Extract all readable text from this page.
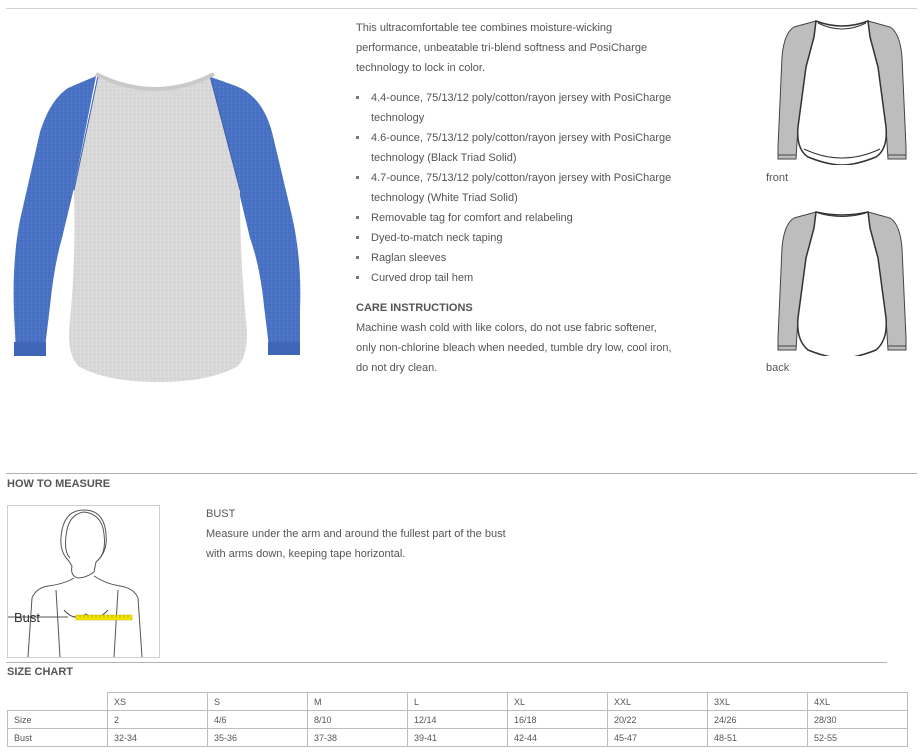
This ultracomfortable tee combines moisture-wicking performance, unbeatable tri-blend softness and PosiCharge technology to lock in color.

4.4-ounce, 75/13/12 poly/cotton/rayon jersey with PosiCharge technology
4.6-ounce, 75/13/12 poly/cotton/rayon jersey with PosiCharge technology (Black Triad Solid)
4.7-ounce, 75/13/12 poly/cotton/rayon jersey with PosiCharge technology (White Triad Solid)
Removable tag for comfort and relabeling
Dyed-to-match neck taping
Raglan sleeves
Curved drop tail hem
CARE INSTRUCTIONS

Machine wash cold with like colors, do not use fabric softener, only non-chlorine bleach when needed, tumble dry low, cool iron, do not dry clean.

front
back
HOW TO MEASURE
Bust

BUST

Measure under the arm and around the fullest part of the bust with arms down, keeping tape horizontal.

SIZE CHART
	XS	S	M	L	XL	XXL	3XL	4XL
Size	2	4/6	8/10	12/14	16/18	20/22	24/26	28/30
Bust	32-34	35-36	37-38	39-41	42-44	45-47	48-51	52-55
